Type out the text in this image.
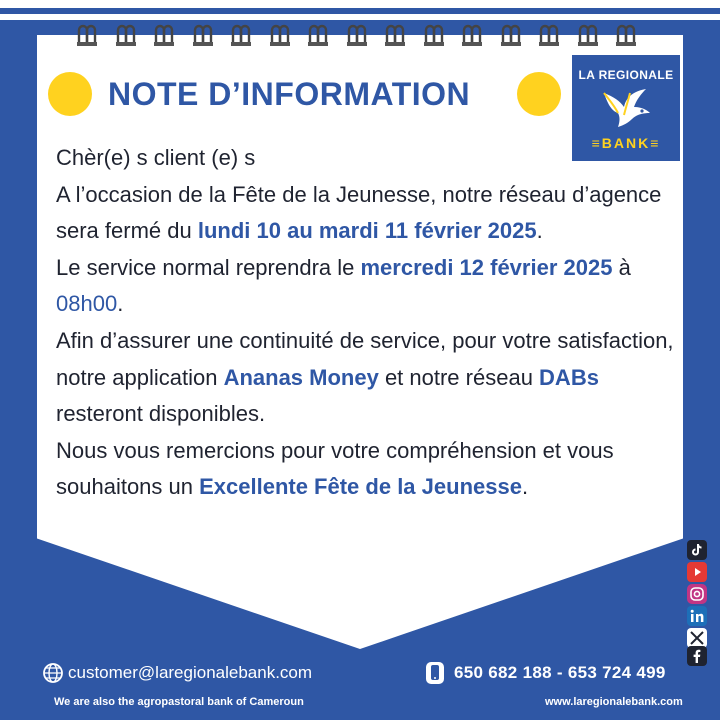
NOTE D’INFORMATION
LA REGIONALE
≡BANK≡
Chèr(e) s client (e) s
A l’occasion de la Fête de la Jeunesse, notre réseau d’agence sera fermé du lundi 10 au mardi 11 février 2025.
Le service normal reprendra le mercredi 12 février 2025 à 08h00.
Afin d’assurer une continuité de service, pour votre satisfaction, notre application Ananas Money et notre réseau DABs resteront disponibles.
Nous vous remercions pour votre compréhension et vous souhaitons un Excellente Fête de la Jeunesse.
customer@laregionalebank.com	650 682 188 - 653 724 499
We are also the agropastoral bank of Cameroun	www.laregionalebank.com
